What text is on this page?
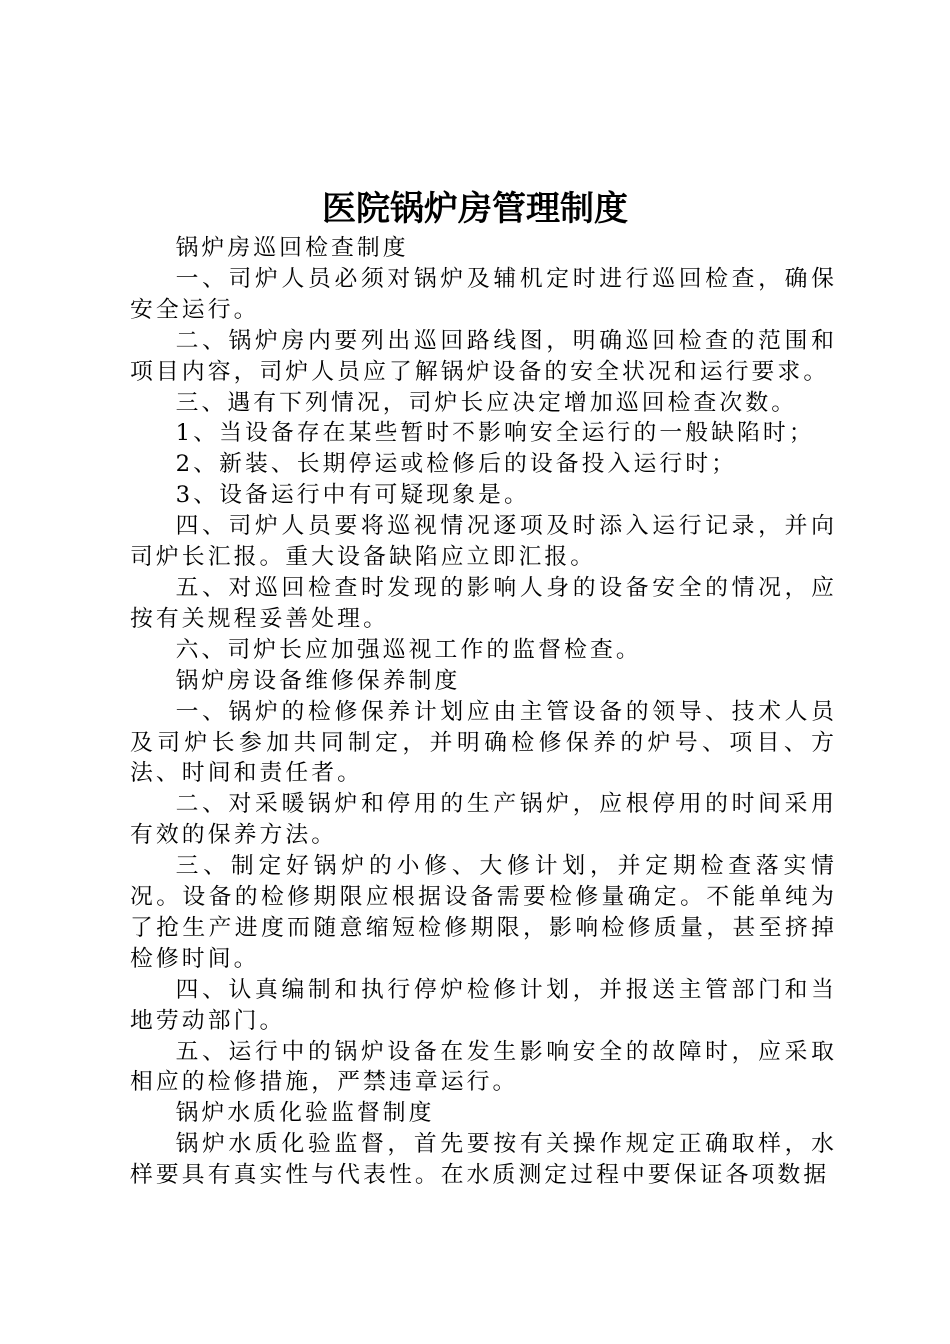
医院锅炉房管理制度

锅炉房巡回检查制度

一、司炉人员必须对锅炉及辅机定时进行巡回检查，确保安全运行。

二、锅炉房内要列出巡回路线图，明确巡回检查的范围和项目内容，司炉人员应了解锅炉设备的安全状况和运行要求。

三、遇有下列情况，司炉长应决定增加巡回检查次数。

1、当设备存在某些暂时不影响安全运行的一般缺陷时；

2、新装、长期停运或检修后的设备投入运行时；

3、设备运行中有可疑现象是。

四、司炉人员要将巡视情况逐项及时添入运行记录，并向司炉长汇报。重大设备缺陷应立即汇报。

五、对巡回检查时发现的影响人身的设备安全的情况，应按有关规程妥善处理。

六、司炉长应加强巡视工作的监督检查。

锅炉房设备维修保养制度

一、锅炉的检修保养计划应由主管设备的领导、技术人员及司炉长参加共同制定，并明确检修保养的炉号、项目、方法、时间和责任者。

二、对采暖锅炉和停用的生产锅炉，应根停用的时间采用有效的保养方法。

三、制定好锅炉的小修、大修计划，并定期检查落实情况。设备的检修期限应根据设备需要检修量确定。不能单纯为了抢生产进度而随意缩短检修期限，影响检修质量，甚至挤掉检修时间。

四、认真编制和执行停炉检修计划，并报送主管部门和当地劳动部门。

五、运行中的锅炉设备在发生影响安全的故障时，应采取相应的检修措施，严禁违章运行。

锅炉水质化验监督制度

锅炉水质化验监督，首先要按有关操作规定正确取样，水样要具有真实性与代表性。在水质测定过程中要保证各项数据
